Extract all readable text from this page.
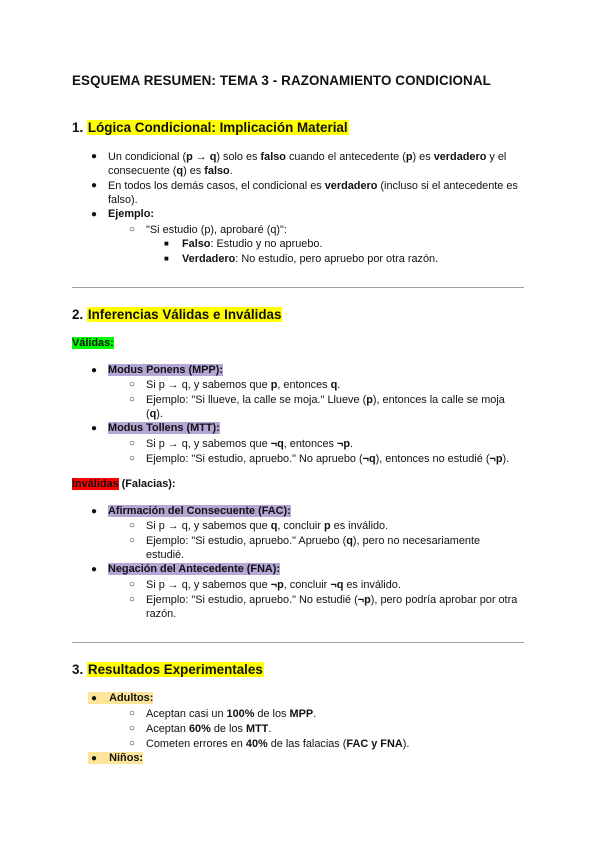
ESQUEMA RESUMEN: TEMA 3 - RAZONAMIENTO CONDICIONAL
1. Lógica Condicional: Implicación Material
● Un condicional (p → q) solo es falso cuando el antecedente (p) es verdadero y el
consecuente (q) es falso.
● En todos los demás casos, el condicional es verdadero (incluso si el antecedente es
falso).
● Ejemplo:
○ "Si estudio (p), aprobaré (q)":
■ Falso: Estudio y no apruebo.
■ Verdadero: No estudio, pero apruebo por otra razón.
2. Inferencias Válidas e Inválidas
Válidas:
● Modus Ponens (MPP):
○ Si p → q, y sabemos que p, entonces q.
○ Ejemplo: "Si llueve, la calle se moja." Llueve (p), entonces la calle se moja
(q).
● Modus Tollens (MTT):
○ Si p → q, y sabemos que ¬q, entonces ¬p.
○ Ejemplo: "Si estudio, apruebo." No apruebo (¬q), entonces no estudié (¬p).
Inválidas (Falacias):
● Afirmación del Consecuente (FAC):
○ Si p → q, y sabemos que q, concluir p es inválido.
○ Ejemplo: "Si estudio, apruebo." Apruebo (q), pero no necesariamente
estudié.
● Negación del Antecedente (FNA):
○ Si p → q, y sabemos que ¬p, concluir ¬q es inválido.
○ Ejemplo: "Si estudio, apruebo." No estudié (¬p), pero podría aprobar por otra
razón.
3. Resultados Experimentales
● Adultos:
○ Aceptan casi un 100% de los MPP.
○ Aceptan 60% de los MTT.
○ Cometen errores en 40% de las falacias (FAC y FNA).
● Niños:
